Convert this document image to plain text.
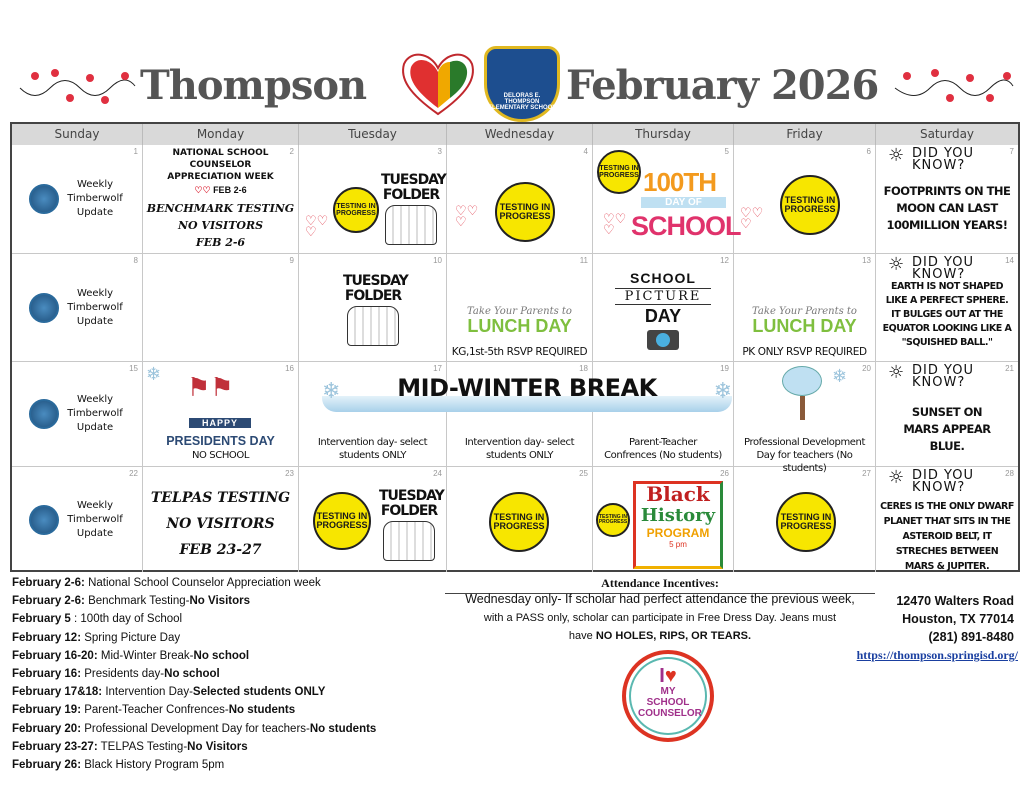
Thompson	DELORAS E. THOMPSON ELEMENTARY SCHOOL February 2026
Sunday	Monday	Tuesday	Wednesday	Thursday	Friday	Saturday
1
Weekly Timberwolf Update
2
NATIONAL SCHOOL COUNSELOR APPRECIATION WEEK
♡♡ FEB 2-6
BENCHMARK TESTING
NO VISITORS
FEB 2-6
3
♡♡
♡
TESTING IN PROGRESS
TUESDAY FOLDER
4
♡♡
♡
TESTING IN PROGRESS
5
TESTING IN PROGRESS
♡♡
♡
100TH
DAY OF
SCHOOL
6
♡♡
♡
TESTING IN PROGRESS
7
☼ DID YOU KNOW?
FOOTPRINTS ON THE MOON CAN LAST 100MILLION YEARS!
8
Weekly Timberwolf Update
9	10
TUESDAY FOLDER
11
Take Your Parents to
LUNCH DAY
KG,1st-5th RSVP REQUIRED
12
SCHOOL
PICTURE
DAY
13
Take Your Parents to
LUNCH DAY
PK ONLY RSVP REQUIRED
14
☼ DID YOU KNOW?
EARTH IS NOT SHAPED LIKE A PERFECT SPHERE. IT BULGES OUT AT THE EQUATOR LOOKING LIKE A "SQUISHED BALL."
15
Weekly Timberwolf Update
16
❄ ⚑⚑
HAPPY
PRESIDENTS DAY
NO SCHOOL
17
Intervention day- select students ONLY
18
Intervention day- select students ONLY
19
Parent-Teacher Confrences (No students)
20
❄
Professional Development Day for teachers (No students)
21
☼ DID YOU KNOW?
SUNSET ON MARS APPEAR BLUE.
❄	❄
MID-WINTER BREAK
22
Weekly Timberwolf Update
23
TELPAS TESTING
NO VISITORS
FEB 23-27
24
TESTING IN PROGRESS
TUESDAY FOLDER
25
TESTING IN PROGRESS
26
TESTING IN PROGRESS
Black
History
PROGRAM
5 pm
27
TESTING IN PROGRESS
28
☼ DID YOU KNOW?
CERES IS THE ONLY DWARF PLANET THAT SITS IN THE ASTEROID BELT, IT STRECHES BETWEEN MARS & JUPITER.
February 2-6: National School Counselor Appreciation week
February 2-6: Benchmark Testing-No Visitors
February 5 : 100th day of School
February 12: Spring Picture Day
February 16-20: Mid-Winter Break-No school
February 16: Presidents day-No school
February 17&18: Intervention Day-Selected students ONLY
February 19: Parent-Teacher Confrences-No students
February 20: Professional Development Day for teachers-No students
February 23-27: TELPAS Testing-No Visitors
February 26: Black History Program 5pm
Attendance Incentives:
Wednesday only- If scholar had perfect attendance the previous week,
with a PASS only, scholar can participate in Free Dress Day. Jeans must
have NO HOLES, RIPS, OR TEARS.
I♥
MY SCHOOL COUNSELOR
12470 Walters Road
Houston, TX 77014
(281) 891-8480
https://thompson.springisd.org/
